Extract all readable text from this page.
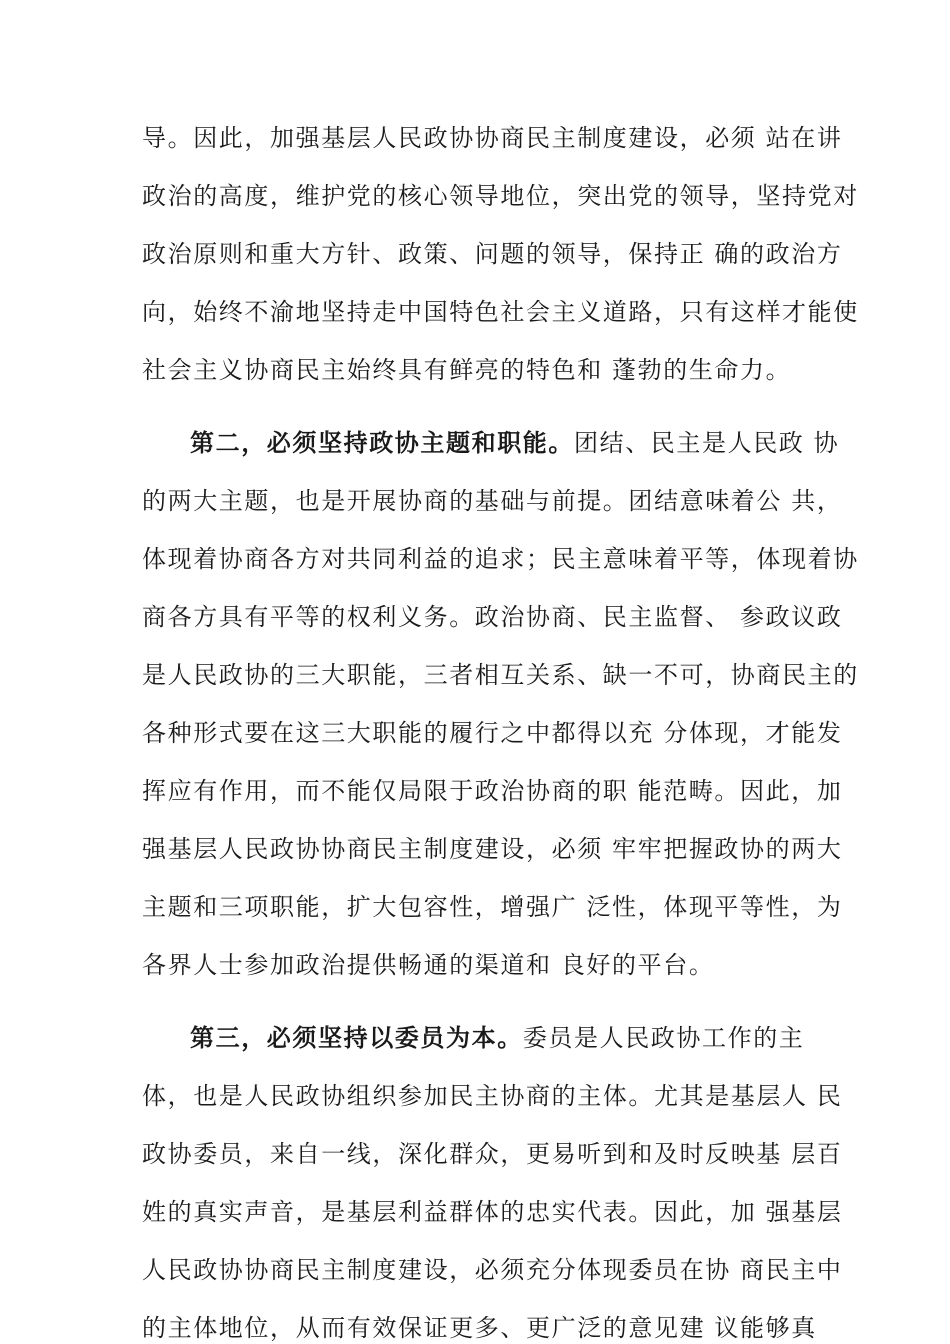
导。因此，加强基层人民政协协商民主制度建设，必须 站在讲
政治的高度，维护党的核心领导地位，突出党的领导，坚持党对
政治原则和重大方针、政策、问题的领导，保持正 确的政治方
向，始终不渝地坚持走中国特色社会主义道路，只有这样才能使
社会主义协商民主始终具有鲜亮的特色和 蓬勃的生命力。
第二，必须坚持政协主题和职能。团结、民主是人民政 协
的两大主题，也是开展协商的基础与前提。团结意味着公 共，
体现着协商各方对共同利益的追求；民主意味着平等，体现着协
商各方具有平等的权利义务。政治协商、民主监督、 参政议政
是人民政协的三大职能，三者相互关系、缺一不可，协商民主的
各种形式要在这三大职能的履行之中都得以充 分体现，才能发
挥应有作用，而不能仅局限于政治协商的职 能范畴。因此，加
强基层人民政协协商民主制度建设，必须 牢牢把握政协的两大
主题和三项职能，扩大包容性，增强广 泛性，体现平等性，为
各界人士参加政治提供畅通的渠道和 良好的平台。
第三，必须坚持以委员为本。委员是人民政协工作的主
体，也是人民政协组织参加民主协商的主体。尤其是基层人 民
政协委员，来自一线，深化群众，更易听到和及时反映基 层百
姓的真实声音，是基层利益群体的忠实代表。因此，加 强基层
人民政协协商民主制度建设，必须充分体现委员在协 商民主中
的主体地位，从而有效保证更多、更广泛的意见建 议能够真
